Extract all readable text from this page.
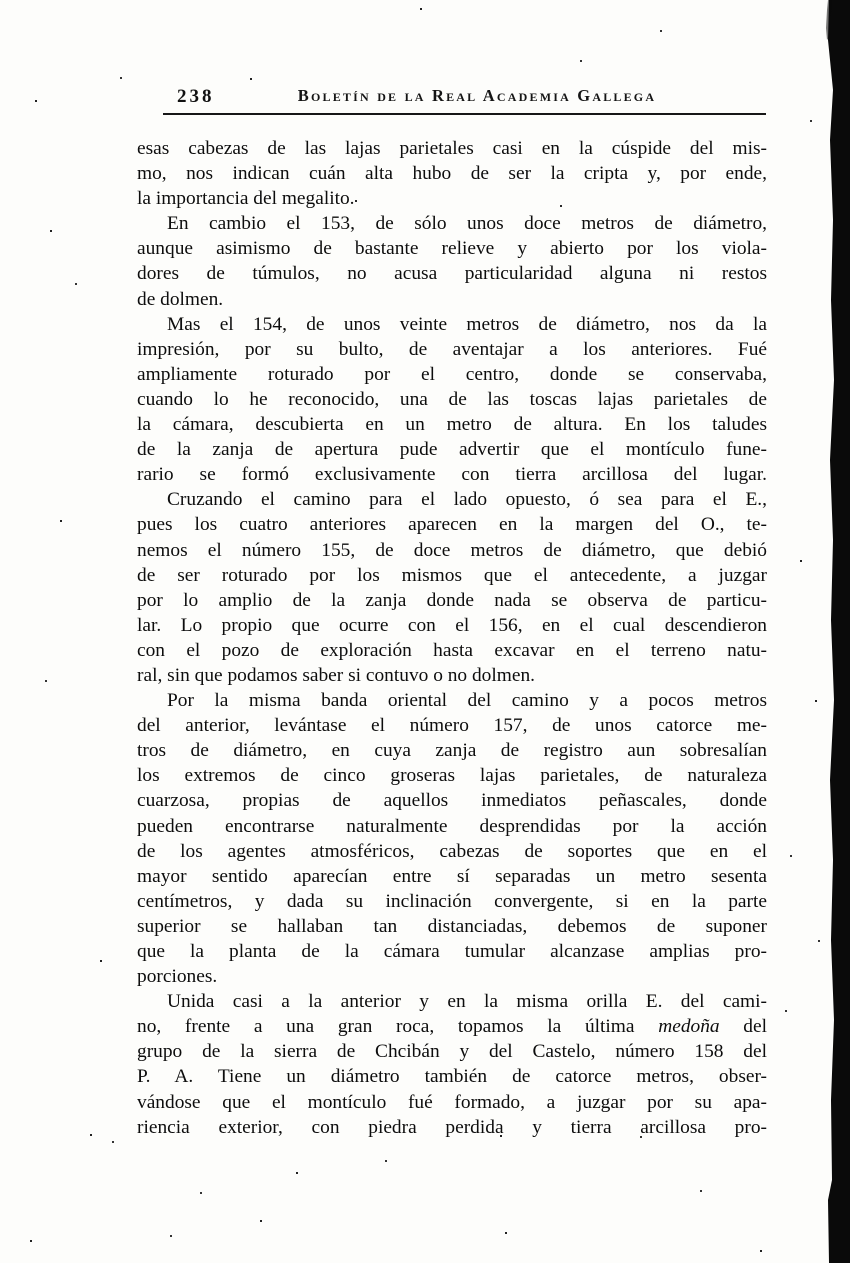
238	Boletín de la Real Academia Gallega
esas cabezas de las lajas parietales casi en la cúspide del mis-
mo, nos indican cuán alta hubo de ser la cripta y, por ende,
la importancia del megalito.
En cambio el 153, de sólo unos doce metros de diámetro,
aunque asimismo de bastante relieve y abierto por los viola-
dores de túmulos, no acusa particularidad alguna ni restos
de dolmen.
Mas el 154, de unos veinte metros de diámetro, nos da la
impresión, por su bulto, de aventajar a los anteriores. Fué
ampliamente roturado por el centro, donde se conservaba,
cuando lo he reconocido, una de las toscas lajas parietales de
la cámara, descubierta en un metro de altura. En los taludes
de la zanja de apertura pude advertir que el montículo fune-
rario se formó exclusivamente con tierra arcillosa del lugar.
Cruzando el camino para el lado opuesto, ó sea para el E.,
pues los cuatro anteriores aparecen en la margen del O., te-
nemos el número 155, de doce metros de diámetro, que debió
de ser roturado por los mismos que el antecedente, a juzgar
por lo amplio de la zanja donde nada se observa de particu-
lar. Lo propio que ocurre con el 156, en el cual descendieron
con el pozo de exploración hasta excavar en el terreno natu-
ral, sin que podamos saber si contuvo o no dolmen.
Por la misma banda oriental del camino y a pocos metros
del anterior, levántase el número 157, de unos catorce me-
tros de diámetro, en cuya zanja de registro aun sobresalían
los extremos de cinco groseras lajas parietales, de naturaleza
cuarzosa, propias de aquellos inmediatos peñascales, donde
pueden encontrarse naturalmente desprendidas por la acción
de los agentes atmosféricos, cabezas de soportes que en el
mayor sentido aparecían entre sí separadas un metro sesenta
centímetros, y dada su inclinación convergente, si en la parte
superior se hallaban tan distanciadas, debemos de suponer
que la planta de la cámara tumular alcanzase amplias pro-
porciones.
Unida casi a la anterior y en la misma orilla E. del cami-
no, frente a una gran roca, topamos la última medoña del
grupo de la sierra de Chcibán y del Castelo, número 158 del
P. A. Tiene un diámetro también de catorce metros, obser-
vándose que el montículo fué formado, a juzgar por su apa-
riencia exterior, con piedra perdida y tierra arcillosa pro-
